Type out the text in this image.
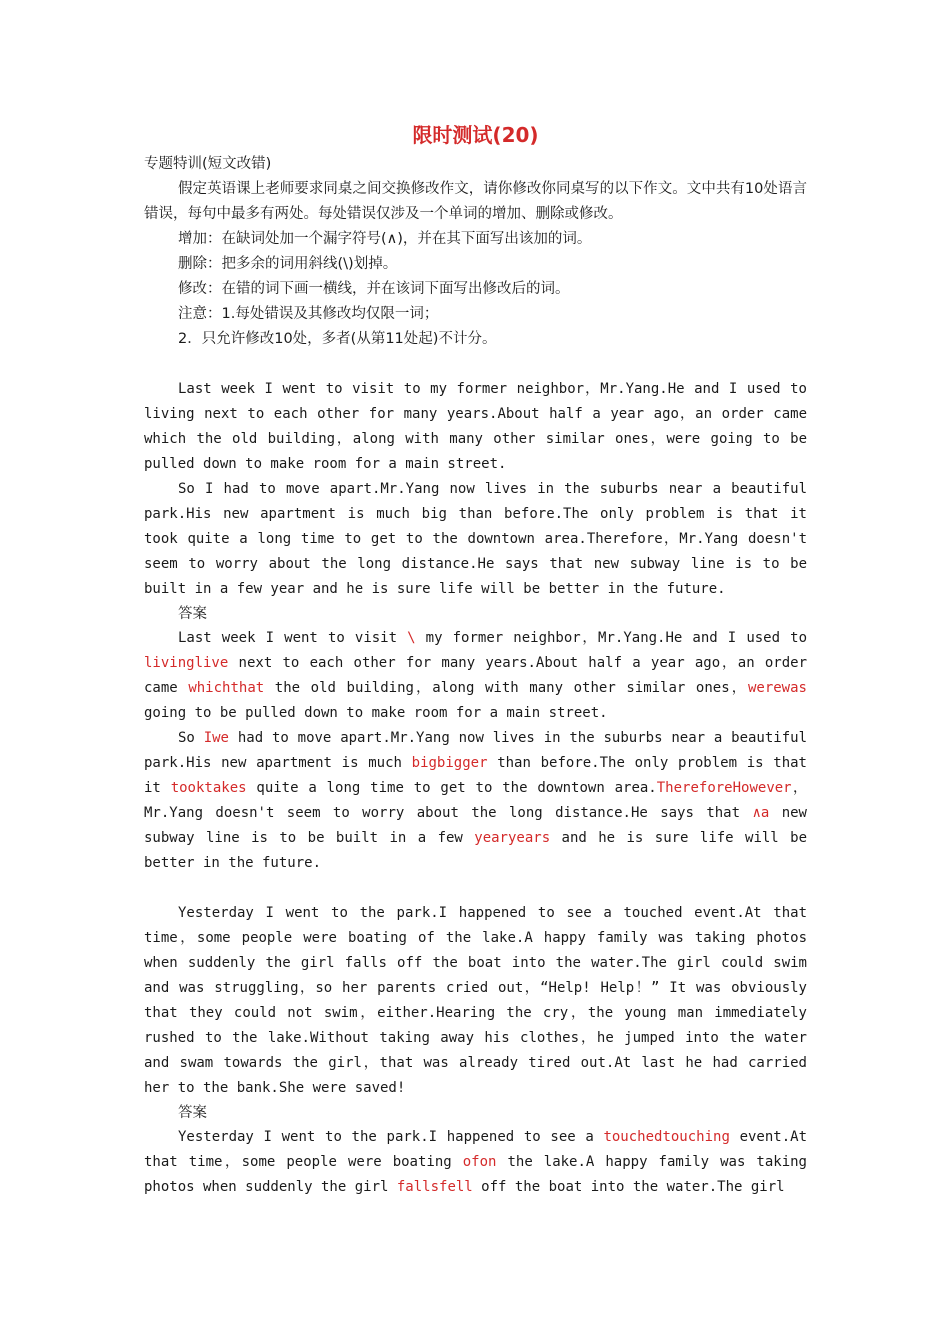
限时测试(20)

专题特训(短文改错)

假定英语课上老师要求同桌之间交换修改作文，请你修改你同桌写的以下作文。文中共有10处语言错误，每句中最多有两处。每处错误仅涉及一个单词的增加、删除或修改。

增加：在缺词处加一个漏字符号(∧)，并在其下面写出该加的词。

删除：把多余的词用斜线(\)划掉。

修改：在错的词下画一横线，并在该词下面写出修改后的词。

注意：1.每处错误及其修改均仅限一词；

2．只允许修改10处，多者(从第11处起)不计分。

Last week I went to visit to my former neighbor，Mr.Yang.He and I used to living next to each other for many years.About half a year ago，an order came which the old building，along with many other similar ones，were going to be pulled down to make room for a main street.

So I had to move apart.Mr.Yang now lives in the suburbs near a beautiful park.His new apartment is much big than before.The only problem is that it took quite a long time to get to the downtown area.Therefore，Mr.Yang doesn't seem to worry about the long distance.He says that new subway line is to be built in a few year and he is sure life will be better in the future.

答案

Last week I went to visit \ my former neighbor，Mr.Yang.He and I used to livinglive next to each other for many years.About half a year ago，an order came whichthat the old building，along with many other similar ones，werewas going to be pulled down to make room for a main street.

So Iwe had to move apart.Mr.Yang now lives in the suburbs near a beautiful park.His new apartment is much bigbigger than before.The only problem is that it tooktakes quite a long time to get to the downtown area.ThereforeHowever，Mr.Yang doesn't seem to worry about the long distance.He says that ∧a new subway line is to be built in a few yearyears and he is sure life will be better in the future.

Yesterday I went to the park.I happened to see a touched event.At that time，some people were boating of the lake.A happy family was taking photos when suddenly the girl falls off the boat into the water.The girl could swim and was struggling，so her parents cried out，“Help! Help！” It was obviously that they could not swim，either.Hearing the cry，the young man immediately rushed to the lake.Without taking away his clothes，he jumped into the water and swam towards the girl，that was already tired out.At last he had carried her to the bank.She were saved!

答案

Yesterday I went to the park.I happened to see a touchedtouching event.At that time，some people were boating ofon the lake.A happy family was taking photos when suddenly the girl fallsfell off the boat into the water.The girl
